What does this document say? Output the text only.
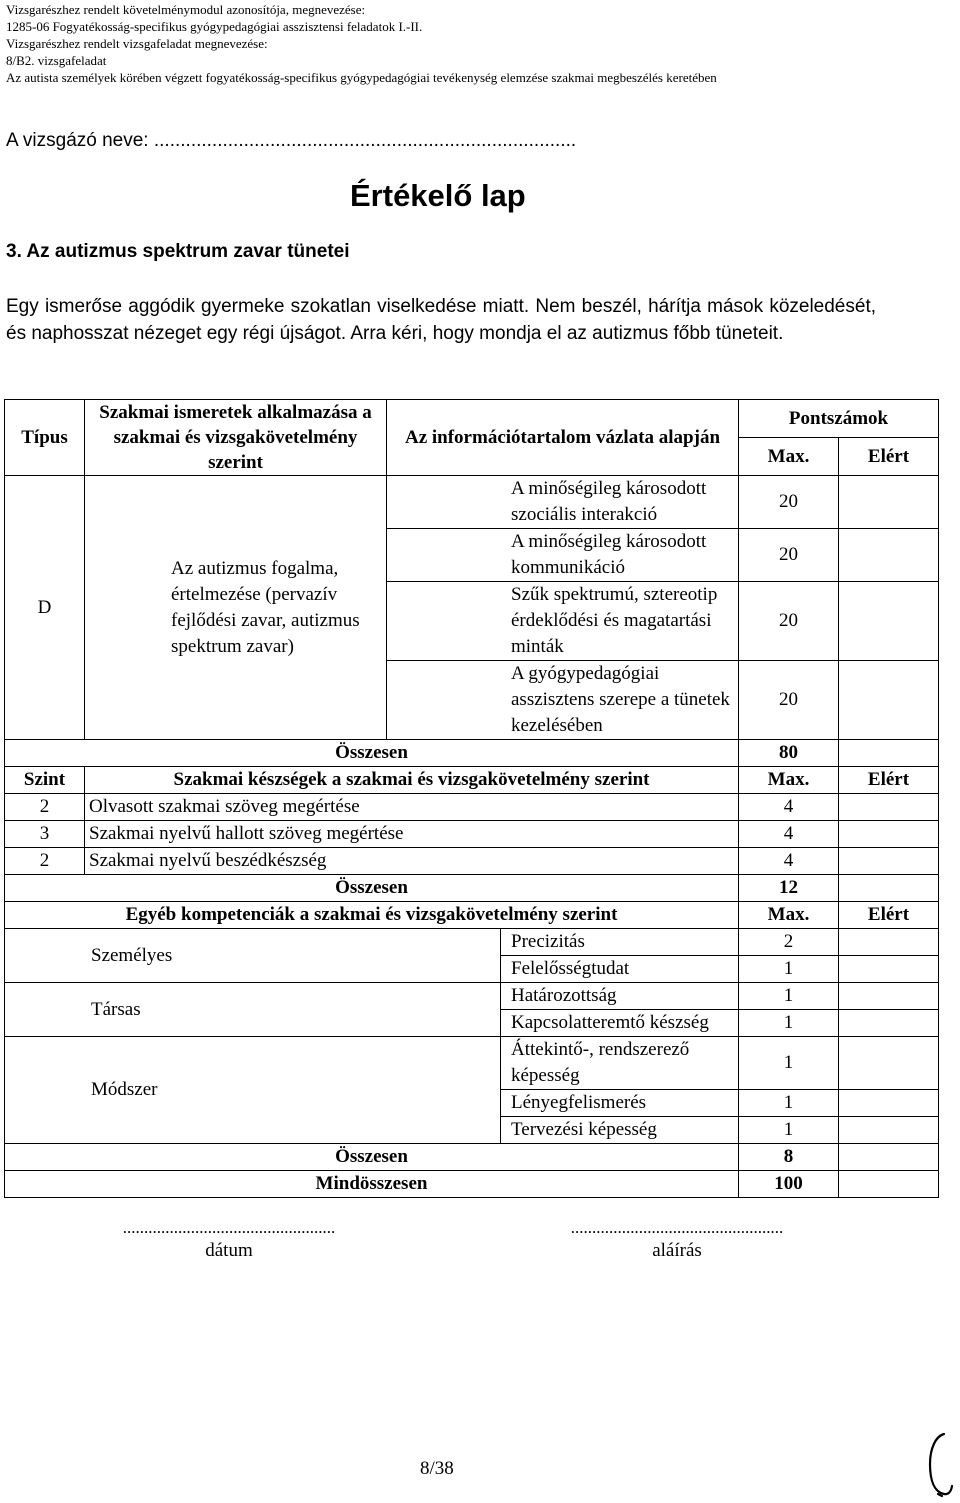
Vizsgarészhez rendelt követelménymodul azonosítója, megnevezése:
1285-06 Fogyatékosság-specifikus gyógypedagógiai asszisztensi feladatok I.-II.
Vizsgarészhez rendelt vizsgafeladat megnevezése:
8/B2. vizsgafeladat
Az autista személyek körében végzett fogyatékosság-specifikus gyógypedagógiai tevékenység elemzése szakmai megbeszélés keretében
A vizsgázó neve: ................................................................................
Értékelő lap
3. Az autizmus spektrum zavar tünetei
Egy ismerőse aggódik gyermeke szokatlan viselkedése miatt. Nem beszél, hárítja mások közeledését, és naphosszat nézeget egy régi újságot. Arra kéri, hogy mondja el az autizmus főbb tüneteit.
Típus	Szakmai ismeretek alkalmazása a szakmai és vizsgakövetelmény szerint	Az információtartalom vázlata alapján		Pontszámok	
				Max.	Elért
D	Az autizmus fogalma, értelmezése (pervazív fejlődési zavar, autizmus spektrum zavar)	A minőségileg károsodott szociális interakció		20	
		A minőségileg károsodott kommunikáció		20	
		Szűk spektrumú, sztereotip érdeklődési és magatartási minták		20	
		A gyógypedagógiai asszisztens szerepe a tünetek kezelésében		20	
Összesen				80	
Szint	Szakmai készségek a szakmai és vizsgakövetelmény szerint			Max.	Elért
2	Olvasott szakmai szöveg megértése			4	
3	Szakmai nyelvű hallott szöveg megértése			4	
2	Szakmai nyelvű beszédkészség			4	
Összesen				12	
Egyéb kompetenciák a szakmai és vizsgakövetelmény szerint				Max.	Elért
Személyes			Precizitás	2	
			Felelősségtudat	1	
Társas			Határozottság	1	
			Kapcsolatteremtő készség	1	
Módszer			Áttekintő-, rendszerező képesség	1	
			Lényegfelismerés	1	
			Tervezési képesség	1	
Összesen				8	
Mindösszesen				100	
..................................................
dátum
..................................................
aláírás
8/38
